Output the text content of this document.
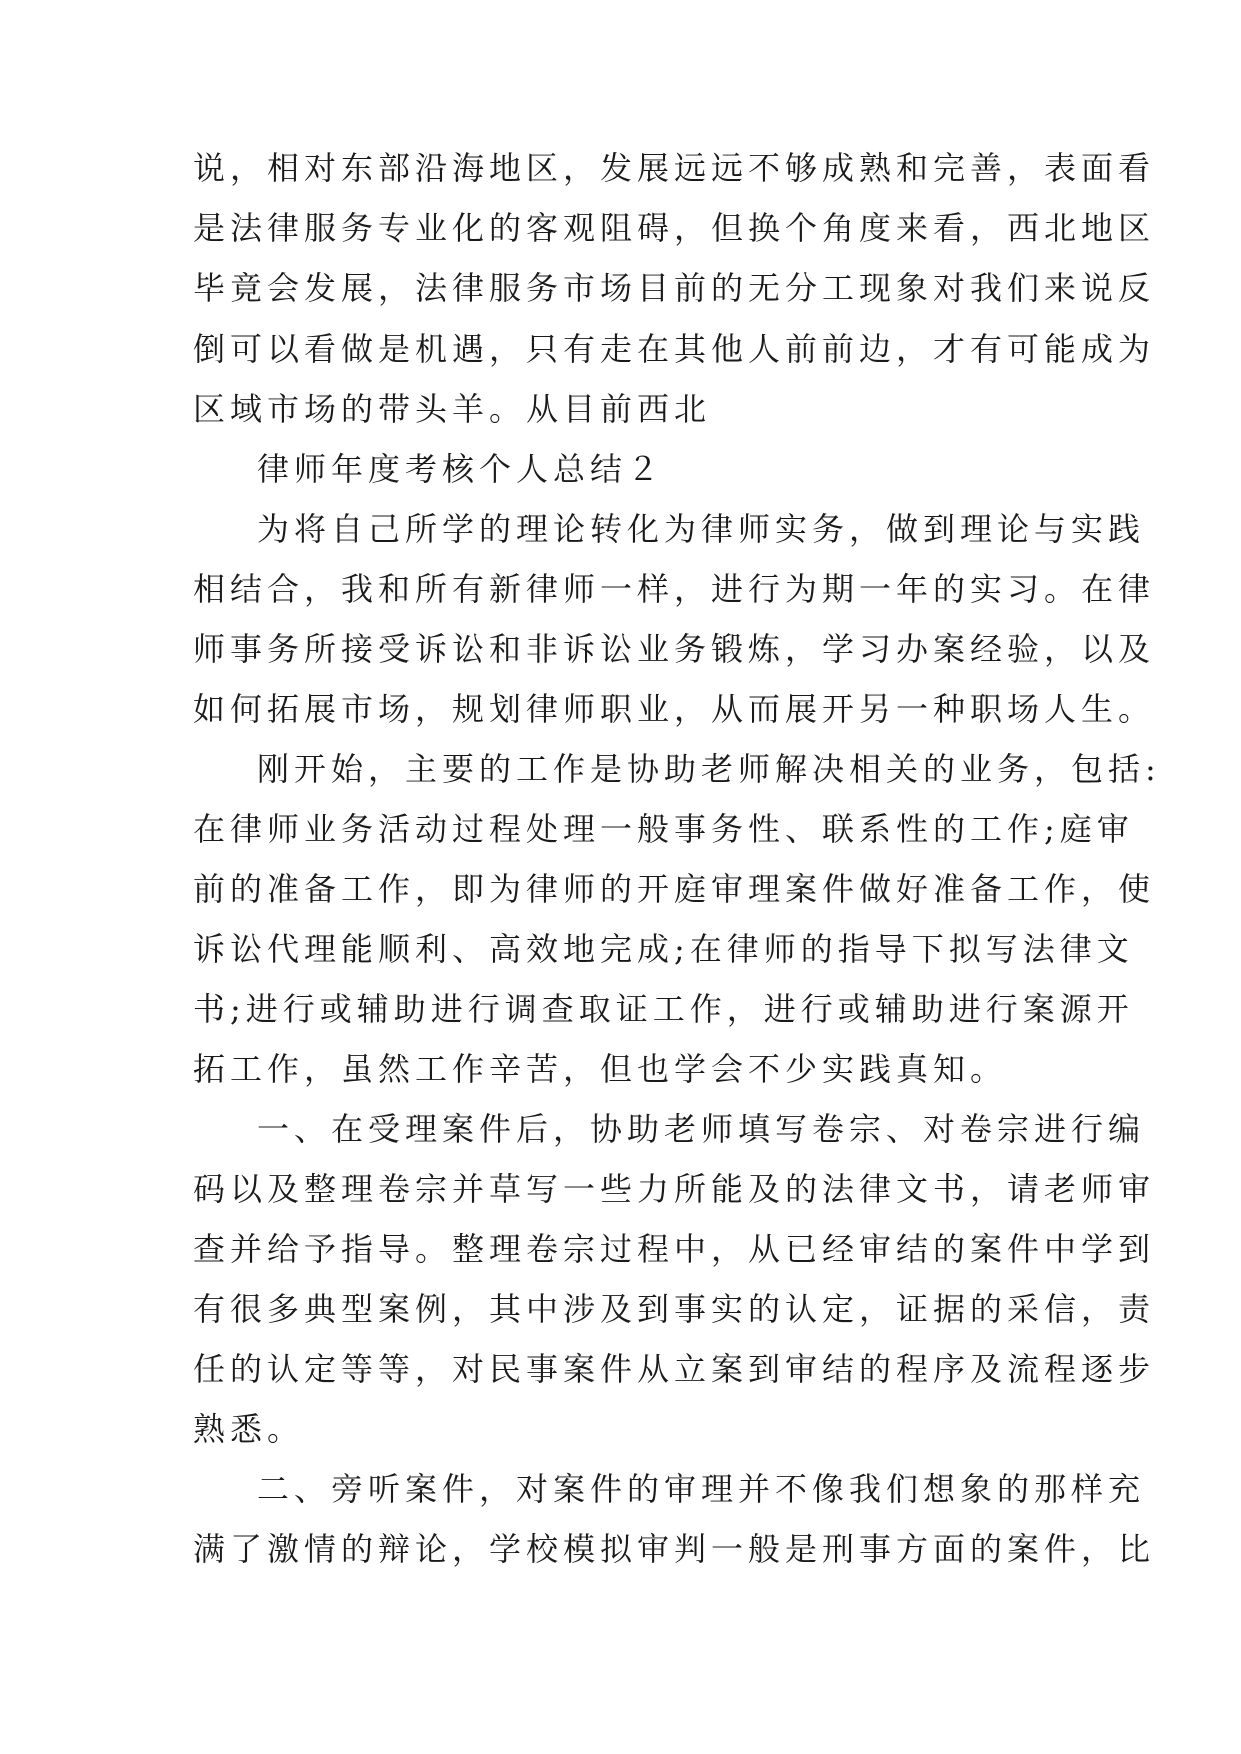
说，相对东部沿海地区，发展远远不够成熟和完善，表面看

是法律服务专业化的客观阻碍，但换个角度来看，西北地区

毕竟会发展，法律服务市场目前的无分工现象对我们来说反

倒可以看做是机遇，只有走在其他人前前边，才有可能成为

区域市场的带头羊。从目前西北

律师年度考核个人总结２

为将自己所学的理论转化为律师实务，做到理论与实践

相结合，我和所有新律师一样，进行为期一年的实习。在律

师事务所接受诉讼和非诉讼业务锻炼，学习办案经验，以及

如何拓展市场，规划律师职业，从而展开另一种职场人生。

刚开始，主要的工作是协助老师解决相关的业务，包括:

在律师业务活动过程处理一般事务性、联系性的工作;庭审

前的准备工作，即为律师的开庭审理案件做好准备工作，使

诉讼代理能顺利、高效地完成;在律师的指导下拟写法律文

书;进行或辅助进行调查取证工作，进行或辅助进行案源开

拓工作，虽然工作辛苦，但也学会不少实践真知。

一、在受理案件后，协助老师填写卷宗、对卷宗进行编

码以及整理卷宗并草写一些力所能及的法律文书，请老师审

查并给予指导。整理卷宗过程中，从已经审结的案件中学到

有很多典型案例，其中涉及到事实的认定，证据的采信，责

任的认定等等，对民事案件从立案到审结的程序及流程逐步

熟悉。

二、旁听案件，对案件的审理并不像我们想象的那样充

满了激情的辩论，学校模拟审判一般是刑事方面的案件，比
